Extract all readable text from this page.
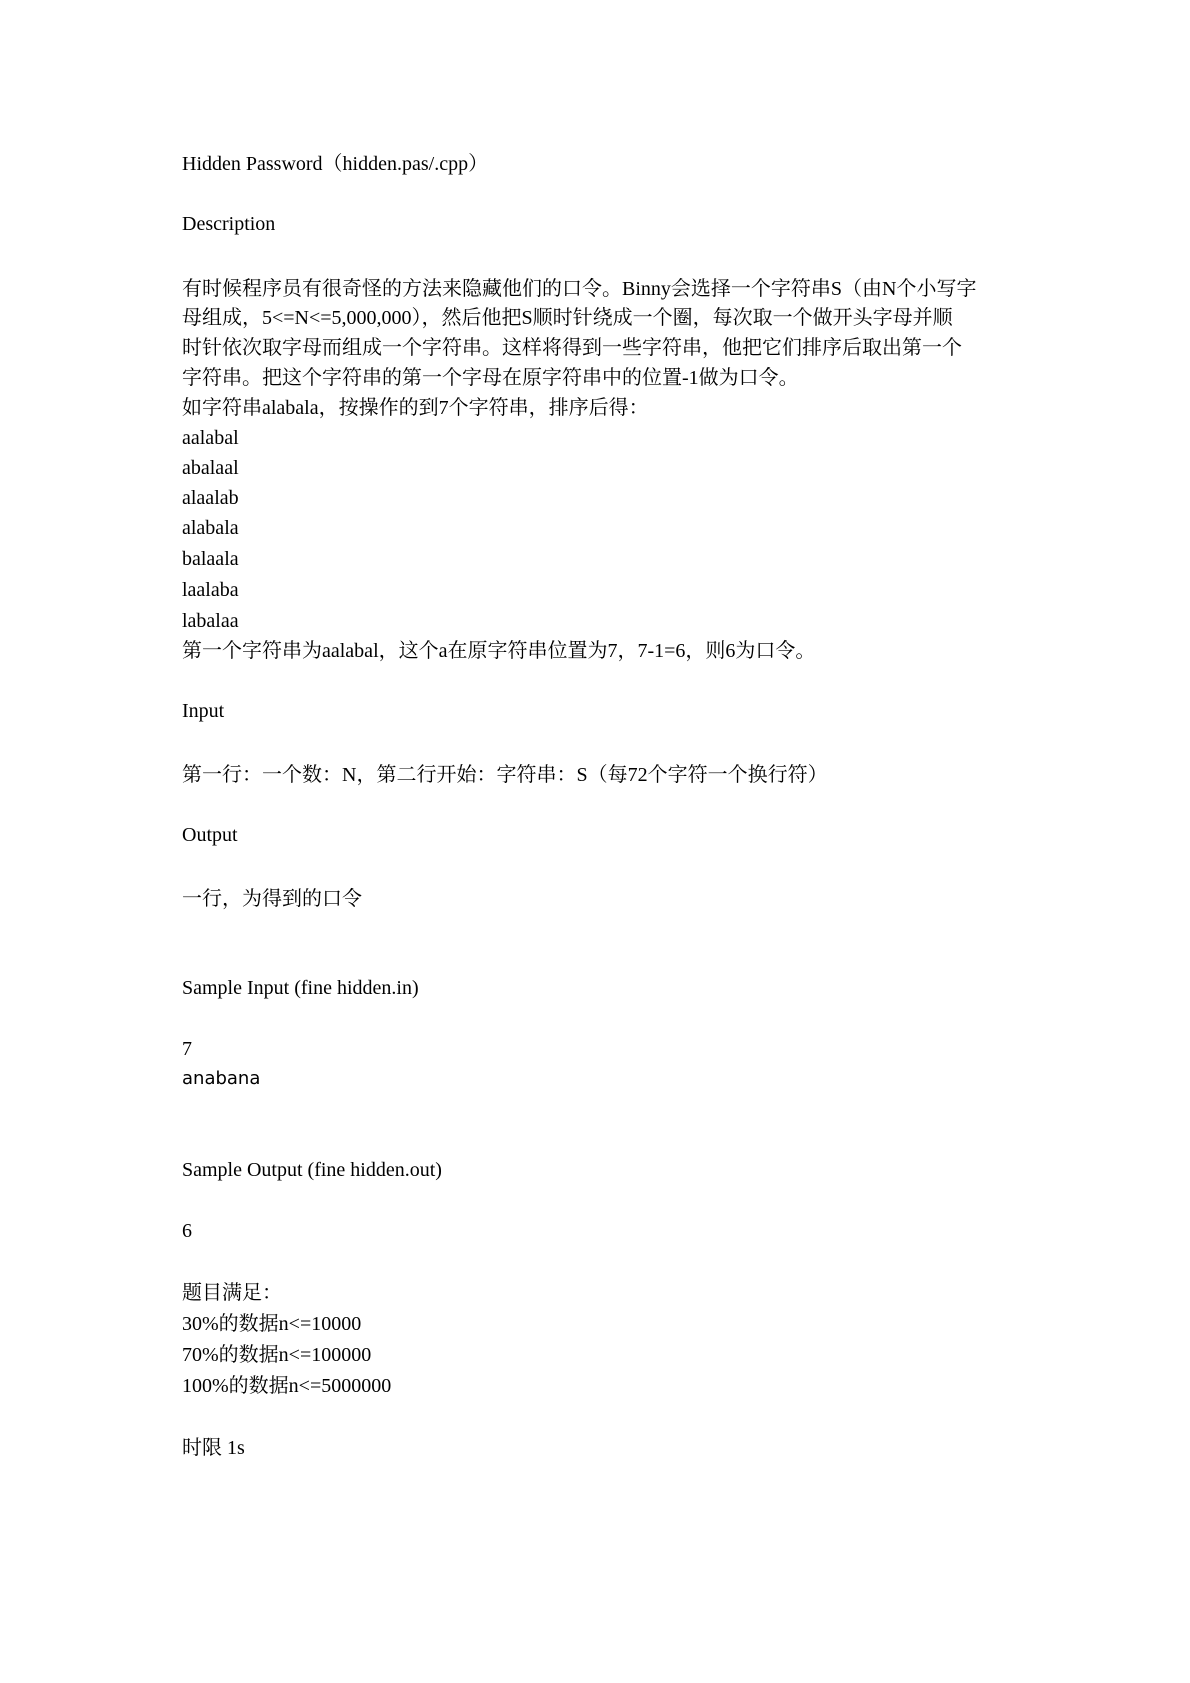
Hidden Password（hidden.pas/.cpp）
Description
有时候程序员有很奇怪的方法来隐藏他们的口令。Binny会选择一个字符串S（由N个小写字
母组成，5<=N<=5,000,000），然后他把S顺时针绕成一个圈，每次取一个做开头字母并顺
时针依次取字母而组成一个字符串。这样将得到一些字符串，他把它们排序后取出第一个
字符串。把这个字符串的第一个字母在原字符串中的位置-1做为口令。
如字符串alabala，按操作的到7个字符串，排序后得：
aalabal
abalaal
alaalab
alabala
balaala
laalaba
labalaa
第一个字符串为aalabal，这个a在原字符串位置为7，7-1=6，则6为口令。
Input
第一行：一个数：N，第二行开始：字符串：S（每72个字符一个换行符）
Output
一行，为得到的口令
Sample Input (fine hidden.in)
7
anabana
Sample Output (fine hidden.out)
6
题目满足：
30%的数据n<=10000
70%的数据n<=100000
100%的数据n<=5000000
时限 1s
